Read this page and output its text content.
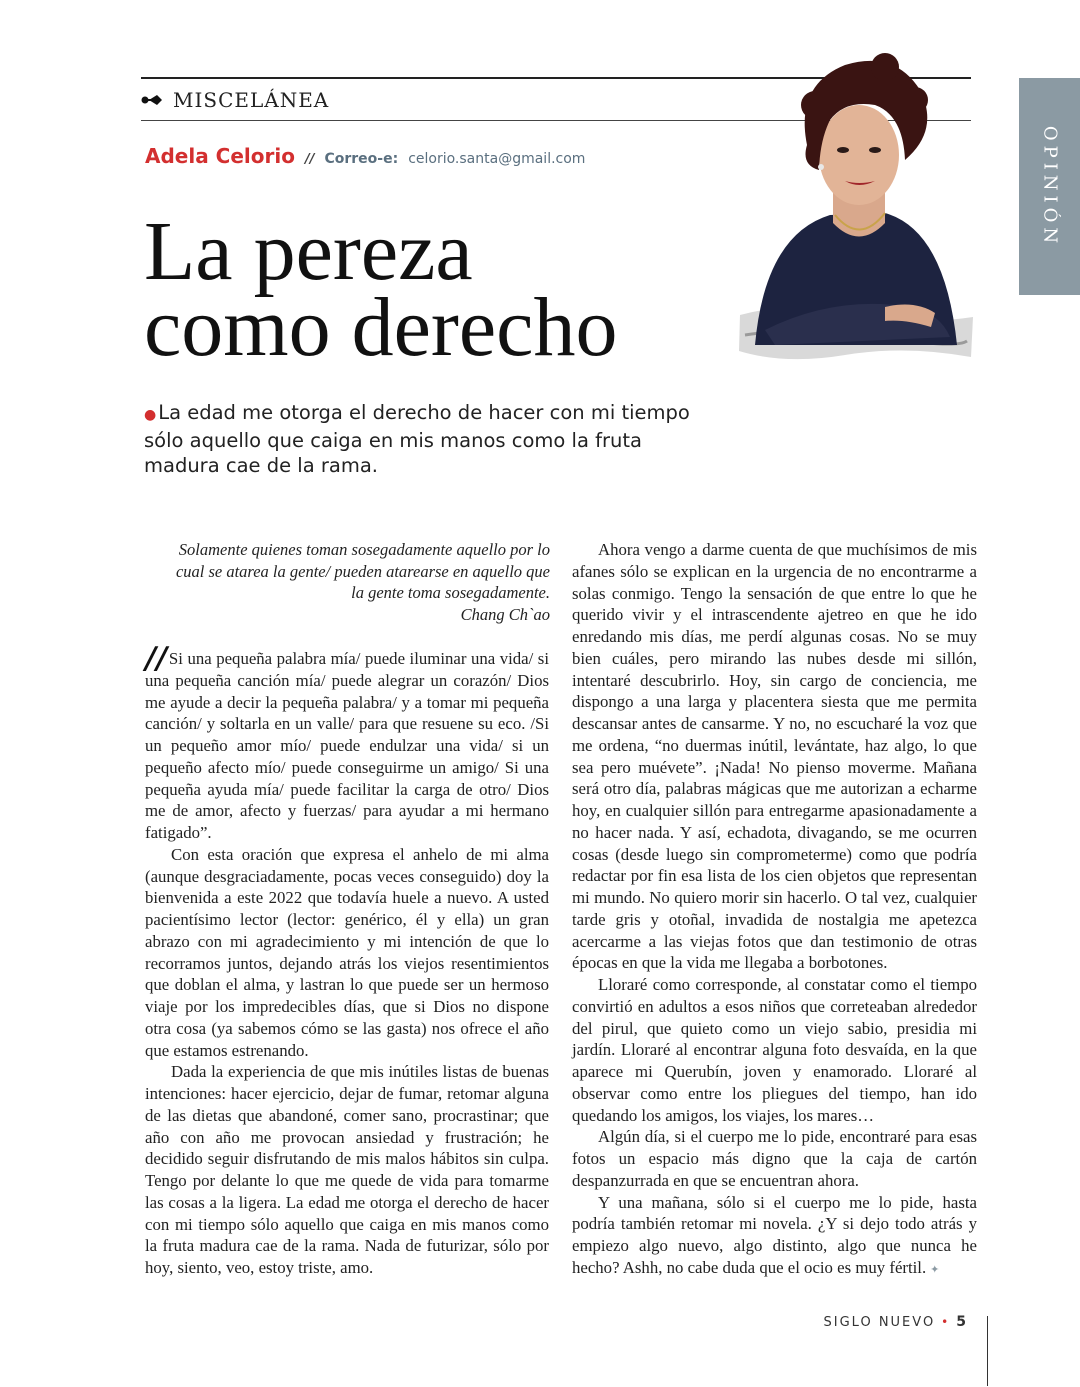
MISCELÁNEA
Adela Celorio // Correo-e: celorio.santa@gmail.com
La pereza
como derecho
OPINIÓN

● La edad me otorga el derecho de hacer con mi tiempo sólo aquello que caiga en mis manos como la fruta madura cae de la rama.

Solamente quienes toman sosegadamente aquello por lo cual se atarea la gente/ pueden atarearse en aquello que la gente toma sosegadamente.

Chang Ch`ao

// Si una pequeña palabra mía/ puede iluminar una vida/ si una pequeña canción mía/ puede alegrar un corazón/ Dios me ayude a decir la pequeña palabra/ y a tomar mi pequeña canción/ y soltarla en un valle/ para que resuene su eco. /Si un pequeño amor mío/ puede endulzar una vida/ si un pequeño afecto mío/ puede conseguirme un amigo/ Si una pequeña ayuda mía/ puede facilitar la carga de otro/ Dios me de amor, afecto y fuerzas/ para ayudar a mi hermano fatigado”.

Con esta oración que expresa el anhelo de mi alma (aunque desgraciadamente, pocas veces conseguido) doy la bienvenida a este 2022 que todavía huele a nuevo. A usted pacientísimo lector (lector: genérico, él y ella) un gran abrazo con mi agradecimiento y mi intención de que lo recorramos juntos, dejando atrás los viejos resentimientos que doblan el alma, y lastran lo que puede ser un hermoso viaje por los impredecibles días, que si Dios no dispone otra cosa (ya sabemos cómo se las gasta) nos ofrece el año que estamos estrenando.

Dada la experiencia de que mis inútiles listas de buenas intenciones: hacer ejercicio, dejar de fumar, retomar alguna de las dietas que abandoné, comer sano, procrastinar; que año con año me provocan ansiedad y frustración; he decidido seguir disfrutando de mis malos hábitos sin culpa. Tengo por delante lo que me quede de vida para tomarme las cosas a la ligera. La edad me otorga el derecho de hacer con mi tiempo sólo aquello que caiga en mis manos como la fruta madura cae de la rama. Nada de futurizar, sólo por hoy, siento, veo, estoy triste, amo.

Ahora vengo a darme cuenta de que muchísimos de mis afanes sólo se explican en la urgencia de no encontrarme a solas conmigo. Tengo la sensación de que entre lo que he querido vivir y el intrascendente ajetreo en que he ido enredando mis días, me perdí algunas cosas. No se muy bien cuáles, pero mirando las nubes desde mi sillón, intentaré descubrirlo. Hoy, sin cargo de conciencia, me dispongo a una larga y placentera siesta que me permita descansar antes de cansarme. Y no, no escucharé la voz que me ordena, “no duermas inútil, levántate, haz algo, lo que sea pero muévete”. ¡Nada! No pienso moverme. Mañana será otro día, palabras mágicas que me autorizan a echarme hoy, en cualquier sillón para entregarme apasionadamente a no hacer nada. Y así, echadota, divagando, se me ocurren cosas (desde luego sin comprometerme) como que podría redactar por fin esa lista de los cien objetos que representan mi mundo. No quiero morir sin hacerlo. O tal vez, cualquier tarde gris y otoñal, invadida de nostalgia me apetezca acercarme a las viejas fotos que dan testimonio de otras épocas en que la vida me llegaba a borbotones.

Lloraré como corresponde, al constatar como el tiempo convirtió en adultos a esos niños que correteaban alrededor del pirul, que quieto como un viejo sabio, presidia mi jardín. Lloraré al encontrar alguna foto desvaída, en la que aparece mi Querubín, joven y enamorado. Lloraré al observar como entre los pliegues del tiempo, han ido quedando los amigos, los viajes, los mares…

Algún día, si el cuerpo me lo pide, encontraré para esas fotos un espacio más digno que la caja de cartón despanzurrada en que se encuentran ahora.

Y una mañana, sólo si el cuerpo me lo pide, hasta podría también retomar mi novela. ¿Y si dejo todo atrás y empiezo algo nuevo, algo distinto, algo que nunca he hecho? Ashh, no cabe duda que el ocio es muy fértil. ✦

SIGLO NUEVO • 5
